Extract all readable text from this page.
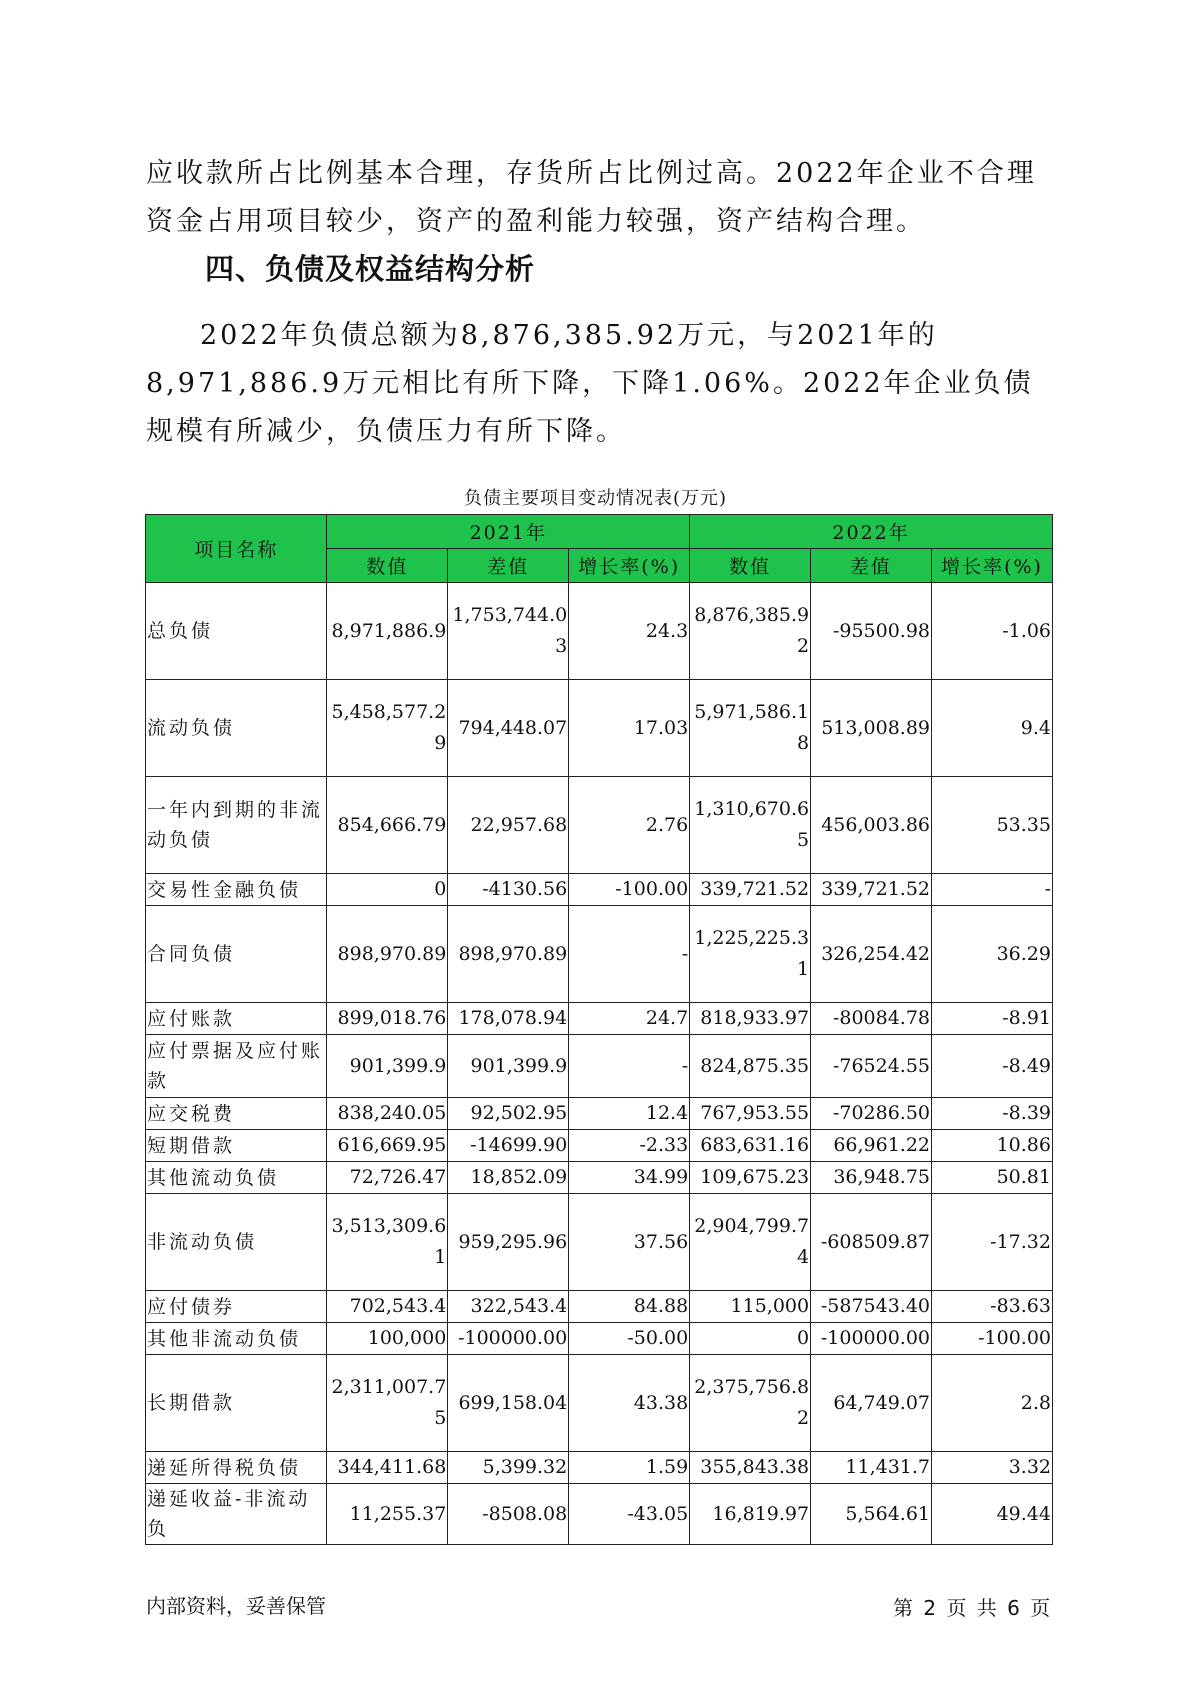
应收款所占比例基本合理，存货所占比例过高。2022年企业不合理资金占用项目较少，资产的盈利能力较强，资产结构合理。
四、负债及权益结构分析
2022年负债总额为8,876,385.92万元，与2021年的8,971,886.9万元相比有所下降，下降1.06%。2022年企业负债规模有所减少，负债压力有所下降。
负债主要项目变动情况表(万元)
项目名称	2021年			2022年		
	数值	差值	增长率(%)	数值	差值	增长率(%)
总负债	8,971,886.9	1,753,744.03	24.3	8,876,385.92	-95500.98	-1.06
流动负债	5,458,577.29	794,448.07	17.03	5,971,586.18	513,008.89	9.4
一年内到期的非流动负债	854,666.79	22,957.68	2.76	1,310,670.65	456,003.86	53.35
交易性金融负债	0	-4130.56	-100.00	339,721.52	339,721.52	-
合同负债	898,970.89	898,970.89	-	1,225,225.31	326,254.42	36.29
应付账款	899,018.76	178,078.94	24.7	818,933.97	-80084.78	-8.91
应付票据及应付账款	901,399.9	901,399.9	-	824,875.35	-76524.55	-8.49
应交税费	838,240.05	92,502.95	12.4	767,953.55	-70286.50	-8.39
短期借款	616,669.95	-14699.90	-2.33	683,631.16	66,961.22	10.86
其他流动负债	72,726.47	18,852.09	34.99	109,675.23	36,948.75	50.81
非流动负债	3,513,309.61	959,295.96	37.56	2,904,799.74	-608509.87	-17.32
应付债券	702,543.4	322,543.4	84.88	115,000	-587543.40	-83.63
其他非流动负债	100,000	-100000.00	-50.00	0	-100000.00	-100.00
长期借款	2,311,007.75	699,158.04	43.38	2,375,756.82	64,749.07	2.8
递延所得税负债	344,411.68	5,399.32	1.59	355,843.38	11,431.7	3.32
递延收益-非流动负	11,255.37	-8508.08	-43.05	16,819.97	5,564.61	49.44
内部资料，妥善保管	第 2 页 共 6 页
